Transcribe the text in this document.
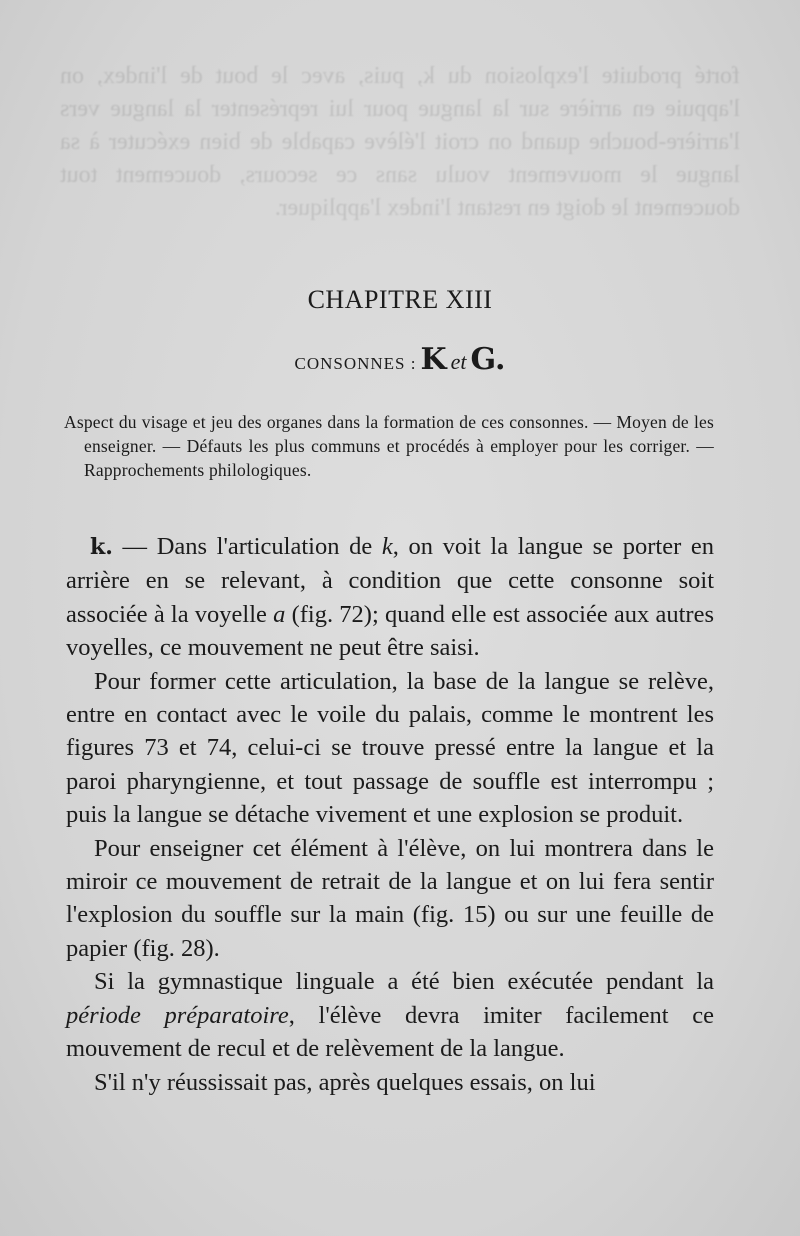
forté produite l'explosion du k, puis, avec le bout de l'index, on l'appuie en arrière sur la langue pour lui représenter la langue vers l'arrière-bouche quand on croit l'élève capable de bien exécuter à sa langue le mouvement voulu sans ce secours, doucement tout doucement le doigt en restant l'index l'appliquer.
CHAPITRE XIII
CONSONNES : K et G.

Aspect du visage et jeu des organes dans la formation de ces consonnes. — Moyen de les enseigner. — Défauts les plus communs et procédés à employer pour les corriger. — Rapprochements philologiques.

k. — Dans l'articulation de k, on voit la langue se porter en arrière en se relevant, à condition que cette consonne soit associée à la voyelle a (fig. 72); quand elle est associée aux autres voyelles, ce mouvement ne peut être saisi.

Pour former cette articulation, la base de la langue se relève, entre en contact avec le voile du palais, comme le montrent les figures 73 et 74, celui-ci se trouve pressé entre la langue et la paroi pharyngienne, et tout passage de souffle est interrompu ; puis la langue se détache vivement et une explosion se produit.

Pour enseigner cet élément à l'élève, on lui montrera dans le miroir ce mouvement de retrait de la langue et on lui fera sentir l'explosion du souffle sur la main (fig. 15) ou sur une feuille de papier (fig. 28).

Si la gymnastique linguale a été bien exécutée pendant la période préparatoire, l'élève devra imiter facilement ce mouvement de recul et de relèvement de la langue.

S'il n'y réussissait pas, après quelques essais, on lui
